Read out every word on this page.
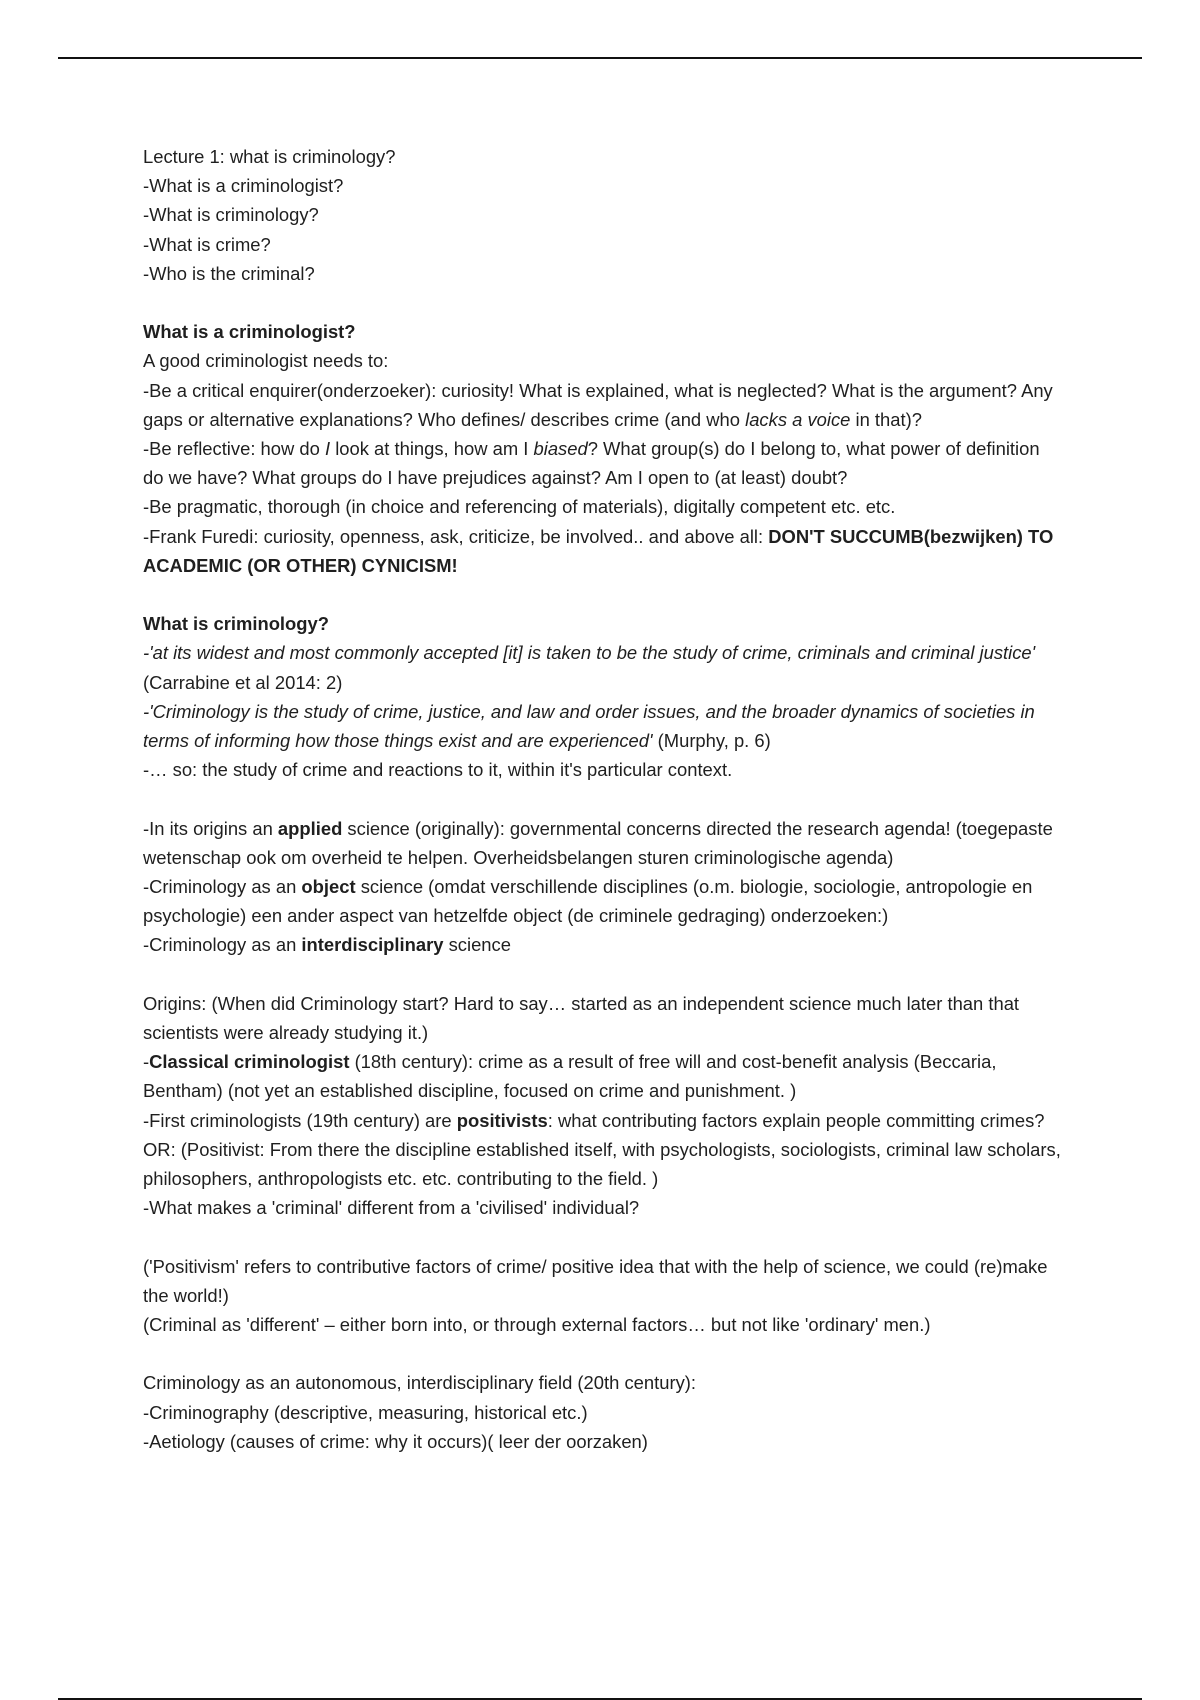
Lecture 1: what is criminology?

-What is a criminologist?

-What is criminology?

-What is crime?

-Who is the criminal?

What is a criminologist?

A good criminologist needs to:

-Be a critical enquirer(onderzoeker): curiosity! What is explained, what is neglected? What is the argument? Any gaps or alternative explanations? Who defines/ describes crime (and who lacks a voice in that)?

-Be reflective: how do I look at things, how am I biased? What group(s) do I belong to, what power of definition do we have? What groups do I have prejudices against? Am I open to (at least) doubt?

-Be pragmatic, thorough (in choice and referencing of materials), digitally competent etc. etc.

-Frank Furedi: curiosity, openness, ask, criticize, be involved.. and above all: DON'T SUCCUMB(bezwijken) TO ACADEMIC (OR OTHER) CYNICISM!

What is criminology?

-'at its widest and most commonly accepted [it] is taken to be the study of crime, criminals and criminal justice' (Carrabine et al 2014: 2)

-'Criminology is the study of crime, justice, and law and order issues, and the broader dynamics of societies in terms of informing how those things exist and are experienced' (Murphy, p. 6)

-… so: the study of crime and reactions to it, within it's particular context.

-In its origins an applied science (originally): governmental concerns directed the research agenda! (toegepaste wetenschap ook om overheid te helpen. Overheidsbelangen sturen criminologische agenda)

-Criminology as an object science (omdat verschillende disciplines (o.m. biologie, sociologie, antropologie en psychologie) een ander aspect van hetzelfde object (de criminele gedraging) onderzoeken:)

-Criminology as an interdisciplinary science

Origins: (When did Criminology start? Hard to say… started as an independent science much later than that scientists were already studying it.)

-Classical criminologist (18th century): crime as a result of free will and cost-benefit analysis (Beccaria, Bentham) (not yet an established discipline, focused on crime and punishment. )

-First criminologists (19th century) are positivists: what contributing factors explain people committing crimes? OR: (Positivist: From there the discipline established itself, with psychologists, sociologists, criminal law scholars, philosophers, anthropologists etc. etc. contributing to the field. )

-What makes a 'criminal' different from a 'civilised' individual?

('Positivism' refers to contributive factors of crime/ positive idea that with the help of science, we could (re)make the world!)

(Criminal as 'different' – either born into, or through external factors… but not like 'ordinary' men.)

Criminology as an autonomous, interdisciplinary field (20th century):

-Criminography (descriptive, measuring, historical etc.)

-Aetiology (causes of crime: why it occurs)( leer der oorzaken)
